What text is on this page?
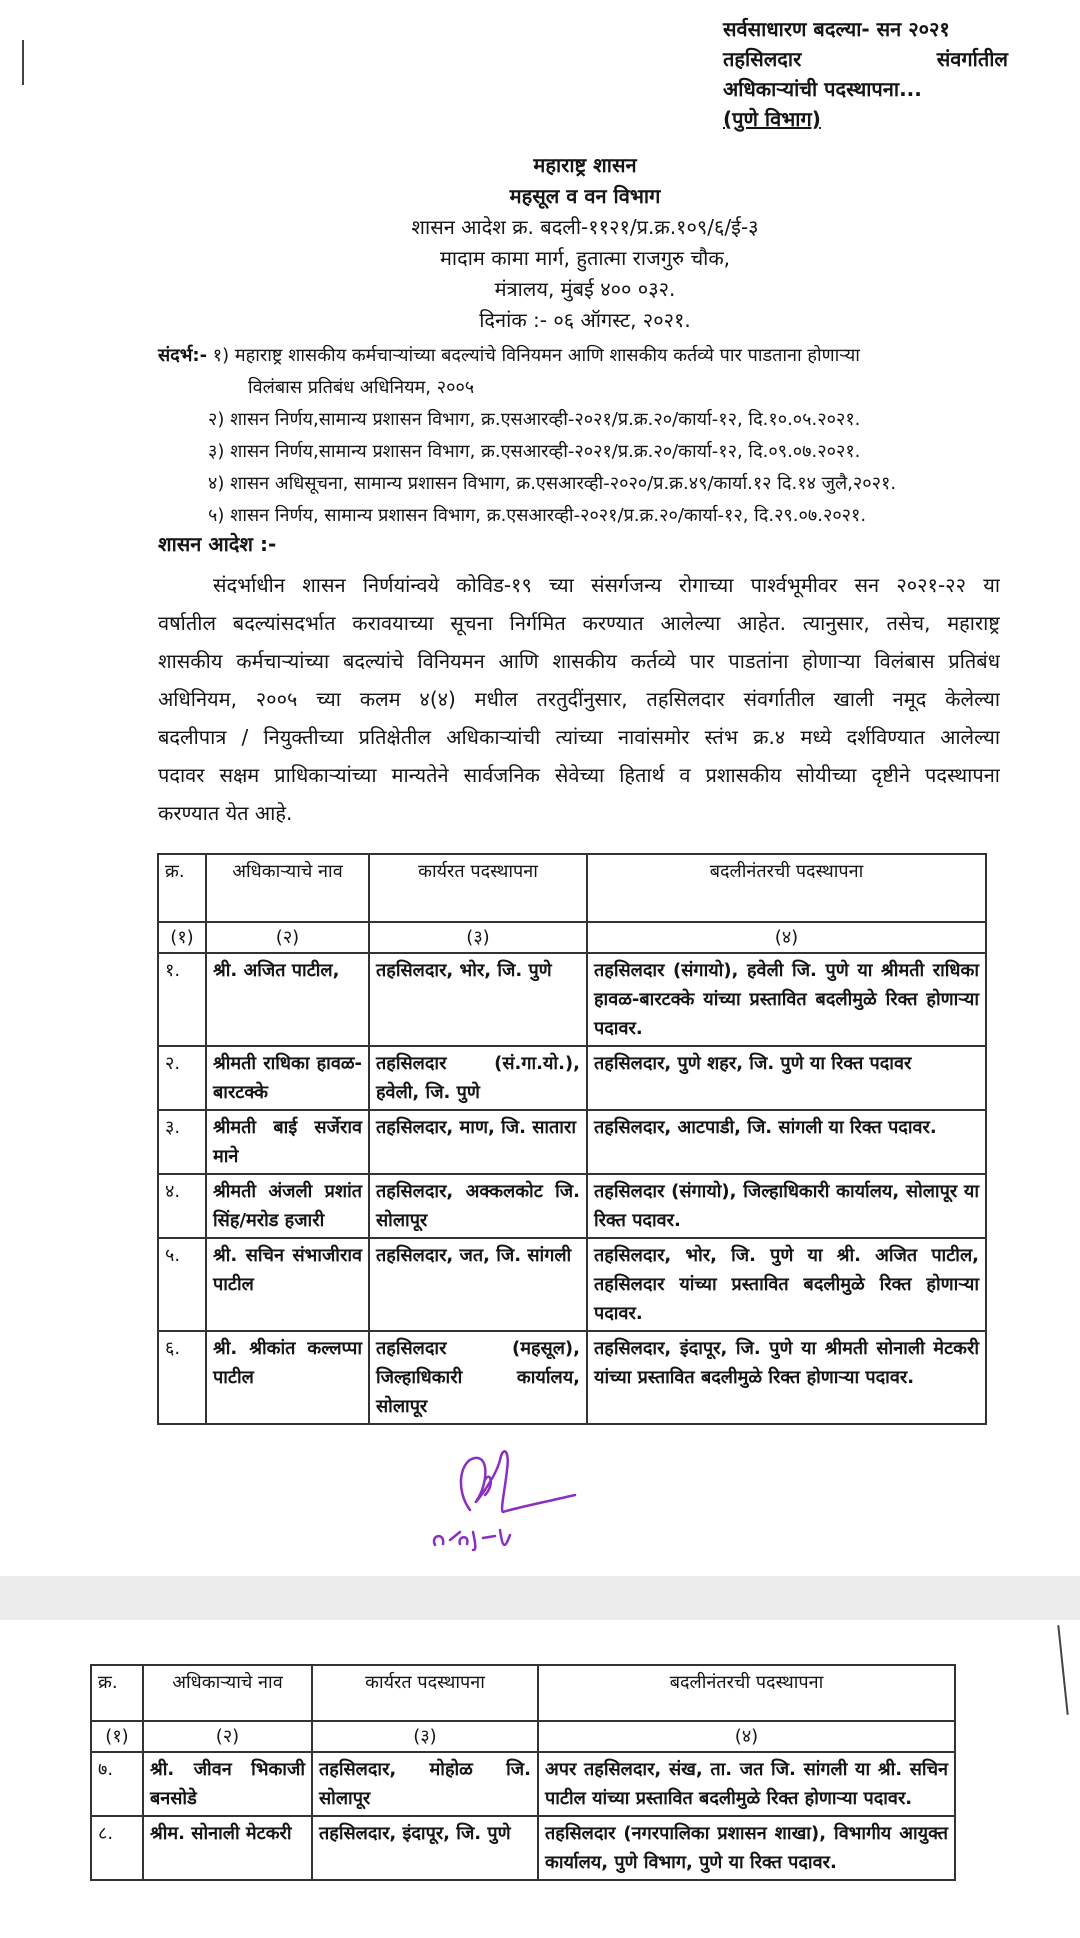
सर्वसाधारण बदल्या- सन २०२१
तहसिलदार	संवर्गातील
अधिकाऱ्यांची पदस्थापना...
(पुणे विभाग)
महाराष्ट्र शासन
महसूल व वन विभाग
शासन आदेश क्र. बदली-११२१/प्र.क्र.१०९/६/ई-३
मादाम कामा मार्ग, हुतात्मा राजगुरु चौक,
मंत्रालय, मुंबई ४०० ०३२.
दिनांक :- ०६ ऑगस्ट, २०२१.
संदर्भ:- १) महाराष्ट्र शासकीय कर्मचाऱ्यांच्या बदल्यांचे विनियमन आणि शासकीय कर्तव्ये पार पाडताना होणाऱ्या
विलंबास प्रतिबंध अधिनियम, २००५
२) शासन निर्णय,सामान्य प्रशासन विभाग, क्र.एसआरव्ही-२०२१/प्र.क्र.२०/कार्या-१२, दि.१०.०५.२०२१.
३) शासन निर्णय,सामान्य प्रशासन विभाग, क्र.एसआरव्ही-२०२१/प्र.क्र.२०/कार्या-१२, दि.०९.०७.२०२१.
४) शासन अधिसूचना, सामान्य प्रशासन विभाग, क्र.एसआरव्ही-२०२०/प्र.क्र.४९/कार्या.१२ दि.१४ जुलै,२०२१.
५) शासन निर्णय, सामान्य प्रशासन विभाग, क्र.एसआरव्ही-२०२१/प्र.क्र.२०/कार्या-१२, दि.२९.०७.२०२१.
शासन आदेश :-
संदर्भाधीन शासन निर्णयांन्वये कोविड-१९ च्या संसर्गजन्य रोगाच्या पार्श्वभूमीवर सन २०२१-२२ या
वर्षातील बदल्यांसदर्भात करावयाच्या सूचना निर्गमित करण्यात आलेल्या आहेत. त्यानुसार, तसेच, महाराष्ट्र
शासकीय कर्मचाऱ्यांच्या बदल्यांचे विनियमन आणि शासकीय कर्तव्ये पार पाडतांना होणाऱ्या विलंबास प्रतिबंध
अधिनियम, २००५ च्या कलम ४(४) मधील तरतुदींनुसार, तहसिलदार संवर्गातील खाली नमूद केलेल्या
बदलीपात्र / नियुक्तीच्या प्रतिक्षेतील अधिकाऱ्यांची त्यांच्या नावांसमोर स्तंभ क्र.४ मध्ये दर्शविण्यात आलेल्या
पदावर सक्षम प्राधिकाऱ्यांच्या मान्यतेने सार्वजनिक सेवेच्या हितार्थ व प्रशासकीय सोयीच्या दृष्टीने पदस्थापना
करण्यात येत आहे.
क्र.	अधिकाऱ्याचे नाव	कार्यरत पदस्थापना	बदलीनंतरची पदस्थापना
(१)	(२)	(३)	(४)
१.	श्री. अजित पाटील,	तहसिलदार, भोर, जि. पुणे	तहसिलदार (संगायो), हवेली जि. पुणे या श्रीमती राधिका हावळ-बारटक्के यांच्या प्रस्तावित बदलीमुळे रिक्त होणाऱ्या पदावर.
२.	श्रीमती राधिका हावळ-बारटक्के	तहसिलदार (सं.गा.यो.), हवेली, जि. पुणे	तहसिलदार, पुणे शहर, जि. पुणे या रिक्त पदावर
३.	श्रीमती बाई सर्जेराव माने	तहसिलदार, माण, जि. सातारा	तहसिलदार, आटपाडी, जि. सांगली या रिक्त पदावर.
४.	श्रीमती अंजली प्रशांत सिंह/मरोड हजारी	तहसिलदार, अक्कलकोट जि. सोलापूर	तहसिलदार (संगायो), जिल्हाधिकारी कार्यालय, सोलापूर या रिक्त पदावर.
५.	श्री. सचिन संभाजीराव पाटील	तहसिलदार, जत, जि. सांगली	तहसिलदार, भोर, जि. पुणे या श्री. अजित पाटील, तहसिलदार यांच्या प्रस्तावित बदलीमुळे रिक्त होणाऱ्या पदावर.
६.	श्री. श्रीकांत कल्लप्पा पाटील	तहसिलदार (महसूल), जिल्हाधिकारी कार्यालय, सोलापूर	तहसिलदार, इंदापूर, जि. पुणे या श्रीमती सोनाली मेटकरी यांच्या प्रस्तावित बदलीमुळे रिक्त होणाऱ्या पदावर.
क्र.	अधिकाऱ्याचे नाव	कार्यरत पदस्थापना	बदलीनंतरची पदस्थापना
(१)	(२)	(३)	(४)
७.	श्री. जीवन भिकाजी बनसोडे	तहसिलदार, मोहोळ जि. सोलापूर	अपर तहसिलदार, संख, ता. जत जि. सांगली या श्री. सचिन पाटील यांच्या प्रस्तावित बदलीमुळे रिक्त होणाऱ्या पदावर.
८.	श्रीम. सोनाली मेटकरी	तहसिलदार, इंदापूर, जि. पुणे	तहसिलदार (नगरपालिका प्रशासन शाखा), विभागीय आयुक्त कार्यालय, पुणे विभाग, पुणे या रिक्त पदावर.
